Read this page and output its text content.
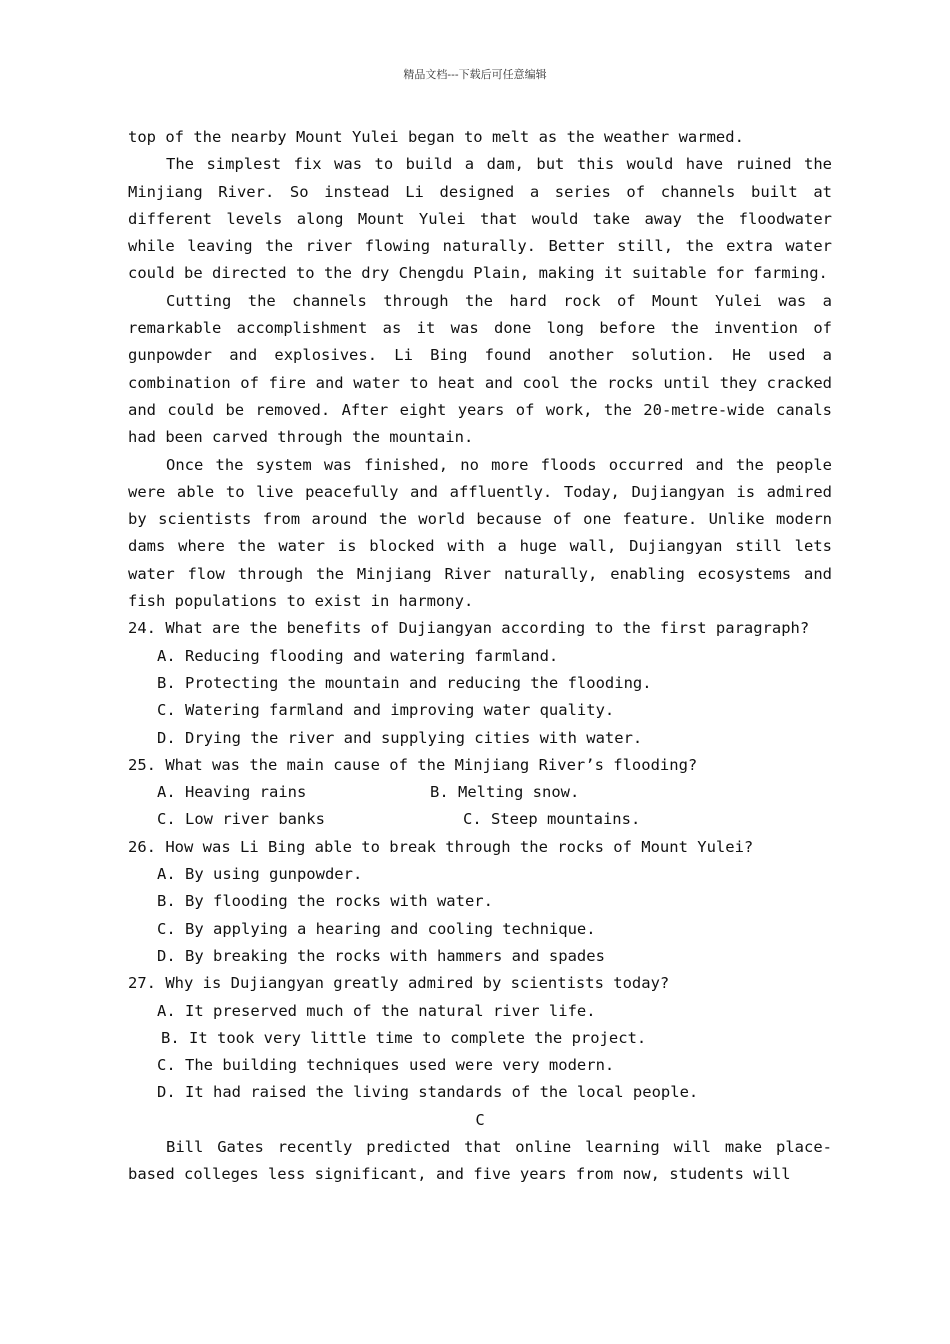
精品文档---下载后可任意编辑
top of the nearby Mount Yulei began to melt as the weather warmed.
The simplest fix was to build a dam, but this would have ruined the Minjiang River. So instead Li designed a series of channels built at different levels along Mount Yulei that would take away the floodwater while leaving the river flowing naturally. Better still, the extra water could be directed to the dry Chengdu Plain, making it suitable for farming.
Cutting the channels through the hard rock of Mount Yulei was a remarkable accomplishment as it was done long before the invention of gunpowder and explosives. Li Bing found another solution. He used a combination of fire and water to heat and cool the rocks until they cracked and could be removed. After eight years of work, the 20-metre-wide canals had been carved through the mountain.
Once the system was finished, no more floods occurred and the people were able to live peacefully and affluently. Today, Dujiangyan is admired by scientists from around the world because of one feature. Unlike modern dams where the water is blocked with a huge wall, Dujiangyan still lets water flow through the Minjiang River naturally, enabling ecosystems and fish populations to exist in harmony.
24. What are the benefits of Dujiangyan according to the first paragraph?
A. Reducing flooding and watering farmland.
B. Protecting the mountain and reducing the flooding.
C. Watering farmland and improving water quality.
D. Drying the river and supplying cities with water.
25. What was the main cause of the Minjiang River’s flooding?
A. Heaving rains	B. Melting snow.
C. Low river banks	C. Steep mountains.
26. How was Li Bing able to break through the rocks of Mount Yulei?
A. By using gunpowder.
B. By flooding the rocks with water.
C. By applying a hearing and cooling technique.
D. By breaking the rocks with hammers and spades
27. Why is Dujiangyan greatly admired by scientists today?
A. It preserved much of the natural river life.
B. It took very little time to complete the project.
C. The building techniques used were very modern.
D. It had raised the living standards of the local people.
C
Bill Gates recently predicted that online learning will make place-based colleges less significant, and five years from now, students will
